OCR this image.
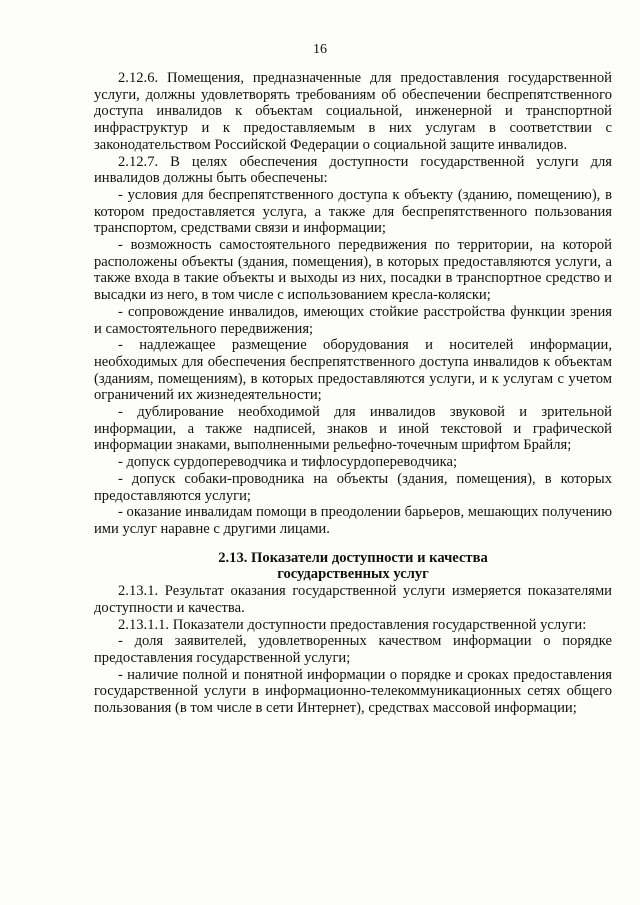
16

2.12.6. Помещения, предназначенные для предоставления государственной услуги, должны удовлетворять требованиям об обеспечении беспрепятственного доступа инвалидов к объектам социальной, инженерной и транспортной инфраструктур и к предоставляемым в них услугам в соответствии с законодательством Российской Федерации о социальной защите инвалидов.

2.12.7. В целях обеспечения доступности государственной услуги для инвалидов должны быть обеспечены:

- условия для беспрепятственного доступа к объекту (зданию, помещению), в котором предоставляется услуга, а также для беспрепятственного пользования транспортом, средствами связи и информации;

- возможность самостоятельного передвижения по территории, на которой расположены объекты (здания, помещения), в которых предоставляются услуги, а также входа в такие объекты и выходы из них, посадки в транспортное средство и высадки из него, в том числе с использованием кресла-коляски;

- сопровождение инвалидов, имеющих стойкие расстройства функции зрения и самостоятельного передвижения;

- надлежащее размещение оборудования и носителей информации, необходимых для обеспечения беспрепятственного доступа инвалидов к объектам (зданиям, помещениям), в которых предоставляются услуги, и к услугам с учетом ограничений их жизнедеятельности;

- дублирование необходимой для инвалидов звуковой и зрительной информации, а также надписей, знаков и иной текстовой и графической информации знаками, выполненными рельефно-точечным шрифтом Брайля;

- допуск сурдопереводчика и тифлосурдопереводчика;

- допуск собаки-проводника на объекты (здания, помещения), в которых предоставляются услуги;

- оказание инвалидам помощи в преодолении барьеров, мешающих получению ими услуг наравне с другими лицами.

2.13. Показатели доступности и качества

государственных услуг

2.13.1. Результат оказания государственной услуги измеряется показателями доступности и качества.

2.13.1.1. Показатели доступности предоставления государственной услуги:

- доля заявителей, удовлетворенных качеством информации о порядке предоставления государственной услуги;

- наличие полной и понятной информации о порядке и сроках предоставления государственной услуги в информационно-телекоммуникационных сетях общего пользования (в том числе в сети Интернет), средствах массовой информации;
